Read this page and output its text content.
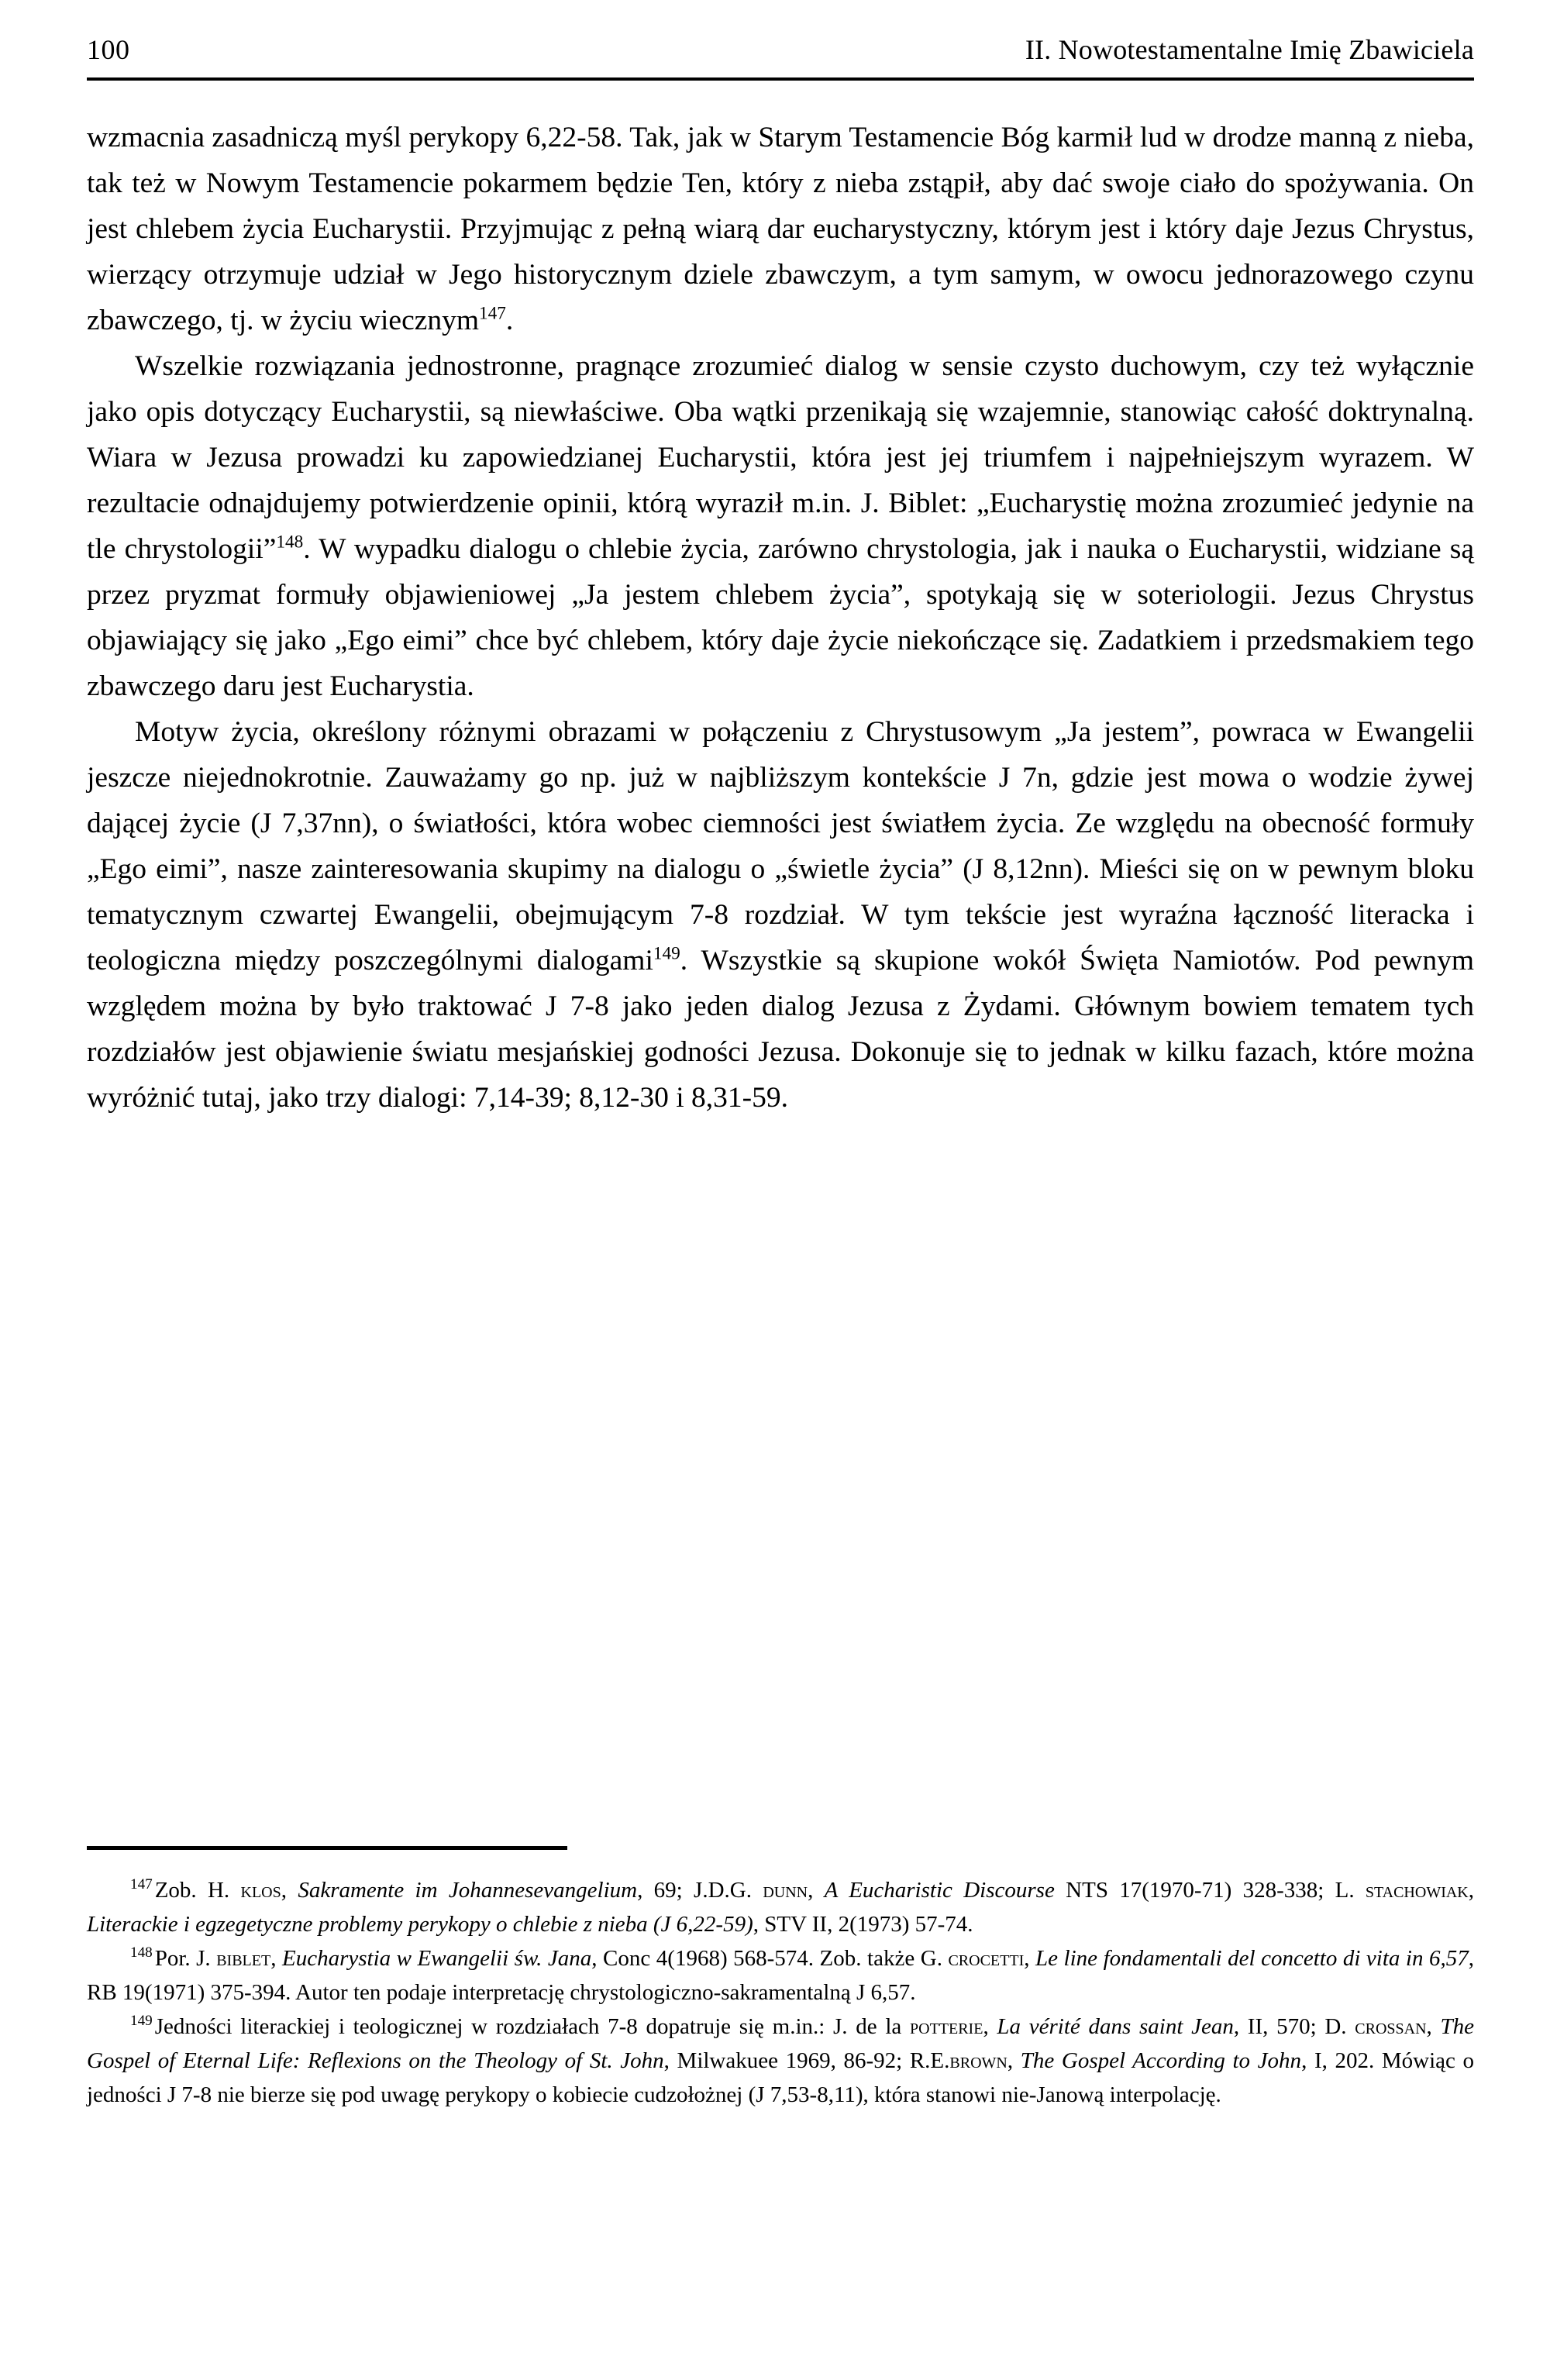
100	II. Nowotestamentalne Imię Zbawiciela

wzmacnia zasadniczą myśl perykopy 6,22-58. Tak, jak w Starym Testamencie Bóg karmił lud w drodze manną z nieba, tak też w Nowym Testamencie pokarmem będzie Ten, który z nieba zstąpił, aby dać swoje ciało do spożywania. On jest chlebem życia Eucharystii. Przyjmując z pełną wiarą dar eucharystyczny, którym jest i który daje Jezus Chrystus, wierzący otrzymuje udział w Jego historycznym dziele zbawczym, a tym samym, w owocu jednorazowego czynu zbawczego, tj. w życiu wiecznym$^{147}$.

Wszelkie rozwiązania jednostronne, pragnące zrozumieć dialog w sensie czysto duchowym, czy też wyłącznie jako opis dotyczący Eucharystii, są niewłaściwe. Oba wątki przenikają się wzajemnie, stanowiąc całość doktrynalną. Wiara w Jezusa prowadzi ku zapowiedzianej Eucharystii, która jest jej triumfem i najpełniejszym wyrazem. W rezultacie odnajdujemy potwierdzenie opinii, którą wyraził m.in. J. Biblet: „Eucharystię można zrozumieć jedynie na tle chrystologii”$^{148}$. W wypadku dialogu o chlebie życia, zarówno chrystologia, jak i nauka o Eucharystii, widziane są przez pryzmat formuły objawieniowej „Ja jestem chlebem życia”, spotykają się w soteriologii. Jezus Chrystus objawiający się jako „Ego eimi” chce być chlebem, który daje życie niekończące się. Zadatkiem i przedsmakiem tego zbawczego daru jest Eucharystia.

Motyw życia, określony różnymi obrazami w połączeniu z Chrystusowym „Ja jestem”, powraca w Ewangelii jeszcze niejednokrotnie. Zauważamy go np. już w najbliższym kontekście J 7n, gdzie jest mowa o wodzie żywej dającej życie (J 7,37nn), o światłości, która wobec ciemności jest światłem życia. Ze względu na obecność formuły „Ego eimi”, nasze zainteresowania skupimy na dialogu o „świetle życia” (J 8,12nn). Mieści się on w pewnym bloku tematycznym czwartej Ewangelii, obejmującym 7-8 rozdział. W tym tekście jest wyraźna łączność literacka i teologiczna między poszczególnymi dialogami$^{149}$. Wszystkie są skupione wokół Święta Namiotów. Pod pewnym względem można by było traktować J 7-8 jako jeden dialog Jezusa z Żydami. Głównym bowiem tematem tych rozdziałów jest objawienie światu mesjańskiej godności Jezusa. Dokonuje się to jednak w kilku fazach, które można wyróżnić tutaj, jako trzy dialogi: 7,14-39; 8,12-30 i 8,31-59.

$^{147}$ Zob. H. klos, Sakramente im Johannesevangelium, 69; J.D.G. dunn, A Eucharistic Discourse NTS 17(1970-71) 328-338; L. stachowiak, Literackie i egzegetyczne problemy perykopy o chlebie z nieba (J 6,22-59), STV II, 2(1973) 57-74.

$^{148}$ Por. J. biblet, Eucharystia w Ewangelii św. Jana, Conc 4(1968) 568-574. Zob. także G. crocetti, Le line fondamentali del concetto di vita in 6,57, RB 19(1971) 375-394. Autor ten podaje interpretację chrystologiczno-sakramentalną J 6,57.

$^{149}$ Jedności literackiej i teologicznej w rozdziałach 7-8 dopatruje się m.in.: J. de la potterie, La vérité dans saint Jean, II, 570; D. crossan, The Gospel of Eternal Life: Reflexions on the Theology of St. John, Milwakuee 1969, 86-92; R.E.brown, The Gospel According to John, I, 202. Mówiąc o jedności J 7-8 nie bierze się pod uwagę perykopy o kobiecie cudzołożnej (J 7,53-8,11), która stanowi nie-Janową interpolację.
